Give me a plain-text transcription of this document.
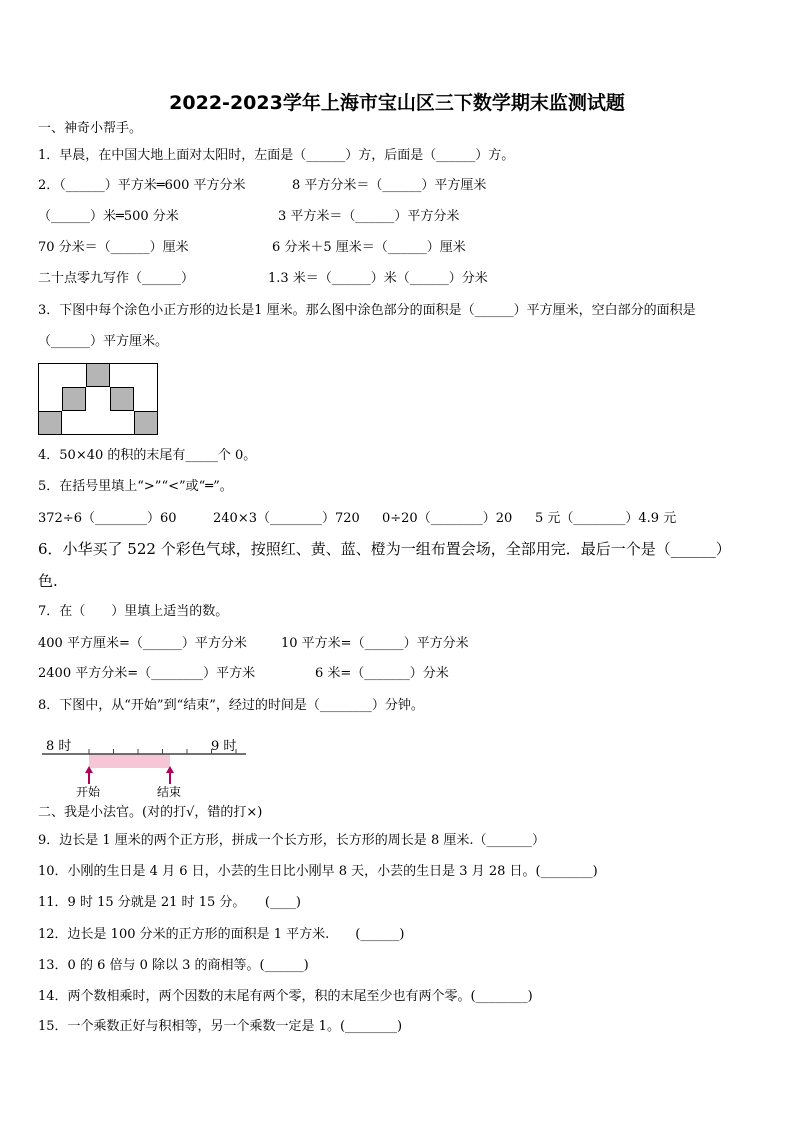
2022-2023学年上海市宝山区三下数学期末监测试题
一、神奇小帮手。
1．早晨，在中国大地上面对太阳时，左面是（______）方，后面是（______）方。
2．（______）平方米═600 平方分米	8 平方分米＝（______）平方厘米
（______）米═500 分米	3 平方米＝（______）平方分米
70 分米＝（______）厘米	6 分米＋5 厘米＝（______）厘米
二十点零九写作（______）	1.3 米＝（______）米（______）分米
3．下图中每个涂色小正方形的边长是1 厘米。那么图中涂色部分的面积是（______）平方厘米，空白部分的面积是
（______）平方厘米。
4．50×40 的积的末尾有_____个 0。
5．在括号里填上“>”“<”或“═”。
372÷6（________）60	240×3（________）720 0÷20（________）20 5 元（________）4.9 元
6．小华买了 522 个彩色气球，按照红、黄、蓝、橙为一组布置会场，全部用完．最后一个是（______）
色.
7．在（　　）里填上适当的数。
400 平方厘米=（______）平方分米	10 平方米=（______）平方分米
2400 平方分米=（________）平方米	6 米=（_______）分米
8．下图中，从“开始”到“结束”，经过的时间是（________）分钟。
8 时	9 时
开始	结束
二、我是小法官。(对的打√，错的打×)
9．边长是 1 厘米的两个正方形，拼成一个长方形，长方形的周长是 8 厘米.（_______）
10．小刚的生日是 4 月 6 日，小芸的生日比小刚早 8 天，小芸的生日是 3 月 28 日。(________)
11．9 时 15 分就是 21 时 15 分。　　(____)
12．边长是 100 分米的正方形的面积是 1 平方米.　　(______)
13．0 的 6 倍与 0 除以 3 的商相等。(______)
14．两个数相乘时，两个因数的末尾有两个零，积的末尾至少也有两个零。(________)
15．一个乘数正好与积相等，另一个乘数一定是 1。(________)
